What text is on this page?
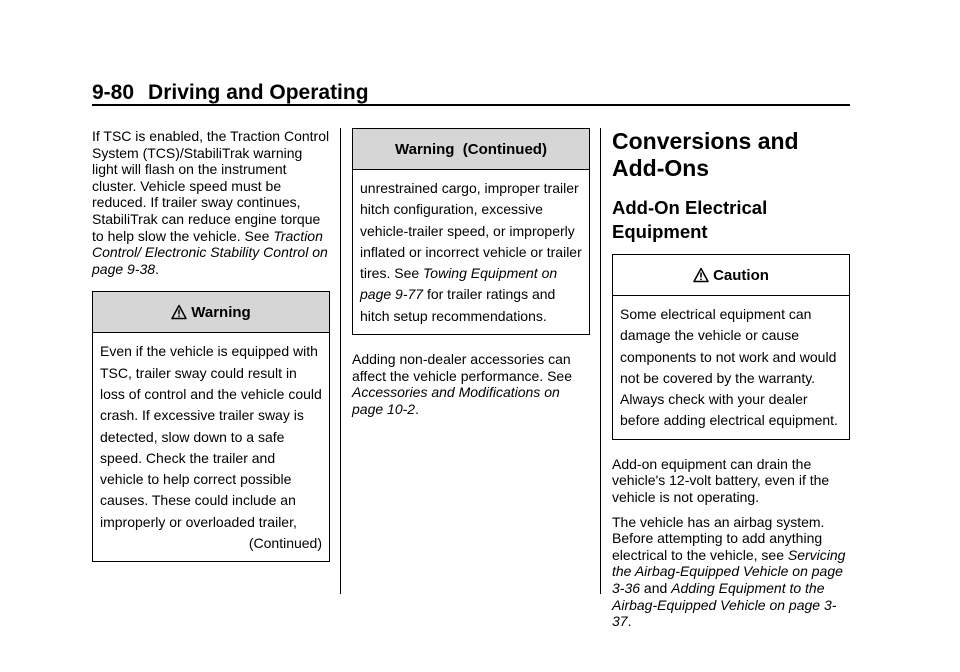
9-80 Driving and Operating

If TSC is enabled, the Traction Control System (TCS)/StabiliTrak warning light will flash on the instrument cluster. Vehicle speed must be reduced. If trailer sway continues, StabiliTrak can reduce engine torque to help slow the vehicle. See Traction Control/ Electronic Stability Control on page 9-38.

Warning
Even if the vehicle is equipped with TSC, trailer sway could result in loss of control and the vehicle could crash. If excessive trailer sway is detected, slow down to a safe speed. Check the trailer and vehicle to help correct possible causes. These could include an improperly or overloaded trailer,
(Continued)
Warning  (Continued)
unrestrained cargo, improper trailer hitch configuration, excessive vehicle-trailer speed, or improperly inflated or incorrect vehicle or trailer tires. See Towing Equipment on page 9-77 for trailer ratings and hitch setup recommendations.

Adding non-dealer accessories can affect the vehicle performance. See Accessories and Modifications on page 10-2.

Conversions and Add-Ons
Add-On Electrical Equipment
Caution
Some electrical equipment can damage the vehicle or cause components to not work and would not be covered by the warranty. Always check with your dealer before adding electrical equipment.

Add-on equipment can drain the vehicle's 12-volt battery, even if the vehicle is not operating.

The vehicle has an airbag system. Before attempting to add anything electrical to the vehicle, see Servicing the Airbag-Equipped Vehicle on page 3-36 and Adding Equipment to the Airbag-Equipped Vehicle on page 3-37.
